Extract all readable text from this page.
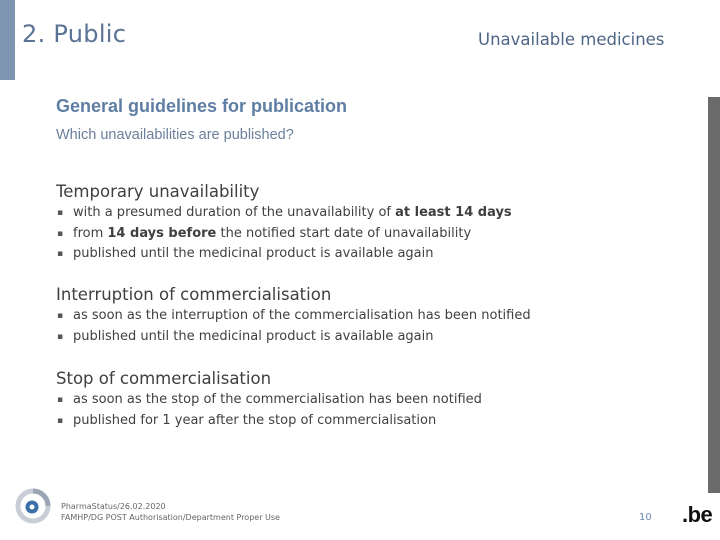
2. Public	Unavailable medicines
General guidelines for publication
Which unavailabilities are published?

Temporary unavailability

▪ with a presumed duration of the unavailability of at least 14 days
▪ from 14 days before the notified start date of unavailability
▪ published until the medicinal product is available again

Interruption of commercialisation

▪ as soon as the interruption of the commercialisation has been notified
▪ published until the medicinal product is available again

Stop of commercialisation

▪ as soon as the stop of the commercialisation has been notified
▪ published for 1 year after the stop of commercialisation
PharmaStatus/26.02.2020
FAMHP/DG POST Authorisation/Department Proper Use	10 .be
